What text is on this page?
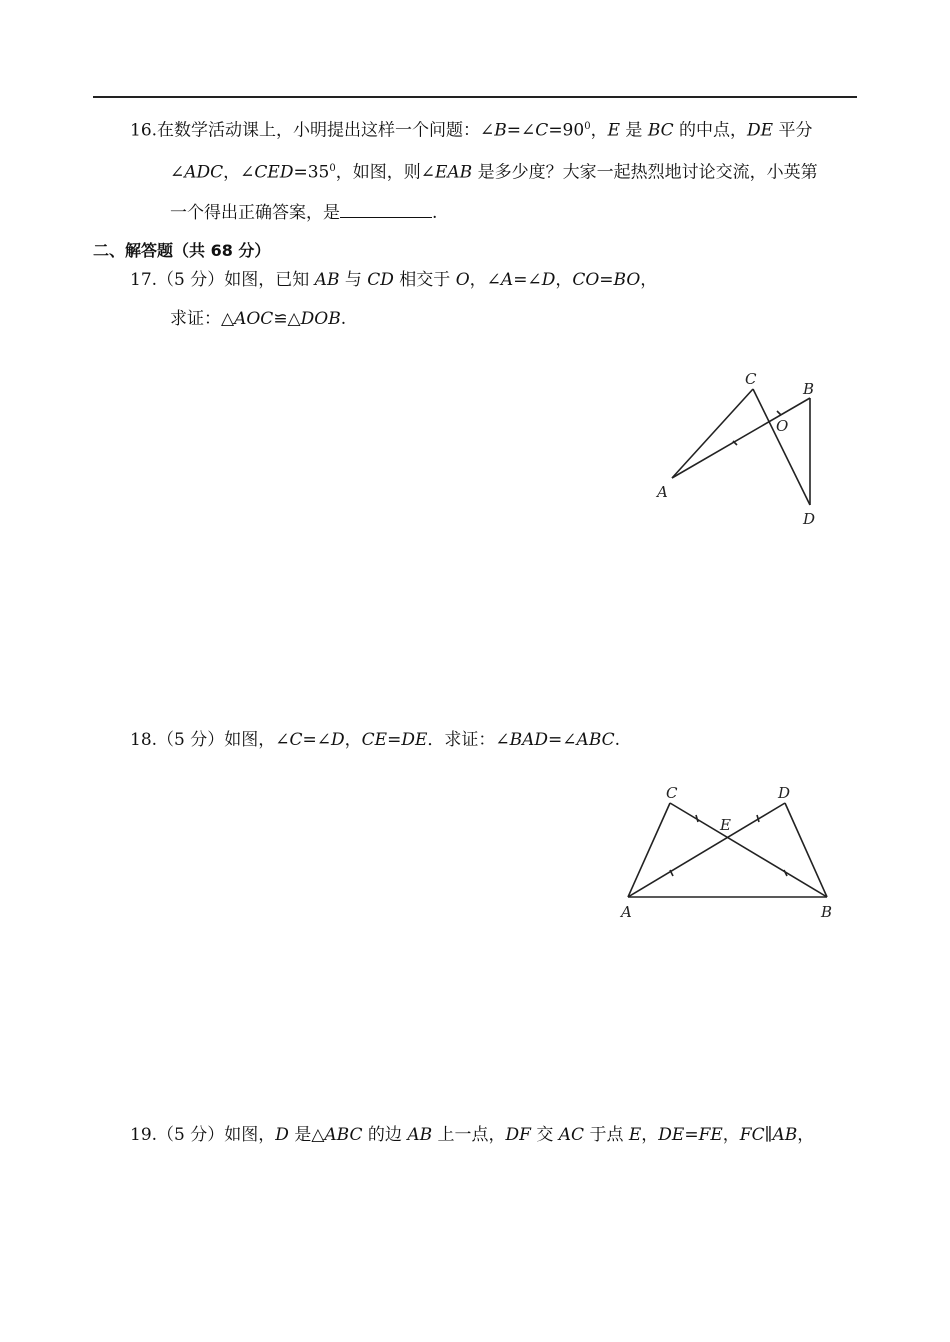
16.在数学活动课上，小明提出这样一个问题：$\angle B=\angle C=90^0$，E 是 BC 的中点，DE 平分
∠ADC，$\angle CED=35^0$，如图，则∠EAB 是多少度？大家一起热烈地讨论交流，小英第
一个得出正确答案，是	.
二、解答题（共 68 分）
17.（5 分）如图，已知 AB 与 CD 相交于 O，∠A=∠D，CO=BO，
求证：△AOC≌△DOB.
C
B
O
A
D
18.（5 分）如图，∠C=∠D，CE=DE．求证：∠BAD=∠ABC.
C	D
E
A	B
19.（5 分）如图，D 是△ABC 的边 AB 上一点，DF 交 AC 于点 E，DE=FE，FC∥AB，
